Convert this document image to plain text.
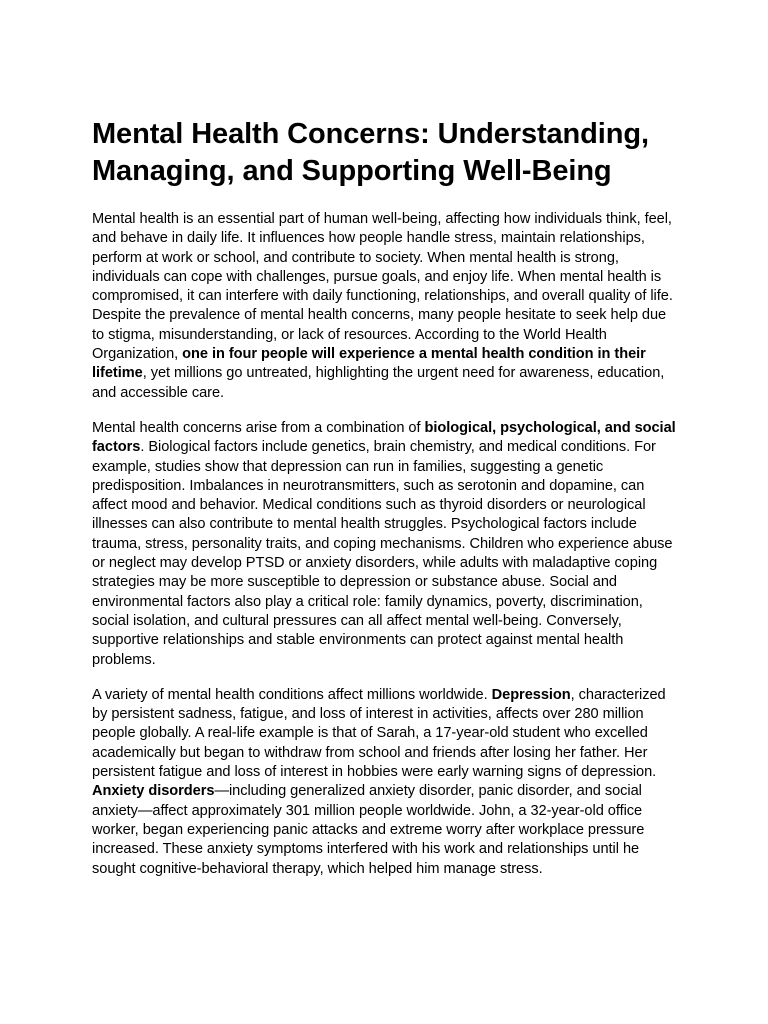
Mental Health Concerns: Understanding, Managing, and Supporting Well-Being

Mental health is an essential part of human well-being, affecting how individuals think, feel, and behave in daily life. It influences how people handle stress, maintain relationships, perform at work or school, and contribute to society. When mental health is strong, individuals can cope with challenges, pursue goals, and enjoy life. When mental health is compromised, it can interfere with daily functioning, relationships, and overall quality of life. Despite the prevalence of mental health concerns, many people hesitate to seek help due to stigma, misunderstanding, or lack of resources. According to the World Health Organization, one in four people will experience a mental health condition in their lifetime, yet millions go untreated, highlighting the urgent need for awareness, education, and accessible care.

Mental health concerns arise from a combination of biological, psychological, and social factors. Biological factors include genetics, brain chemistry, and medical conditions. For example, studies show that depression can run in families, suggesting a genetic predisposition. Imbalances in neurotransmitters, such as serotonin and dopamine, can affect mood and behavior. Medical conditions such as thyroid disorders or neurological illnesses can also contribute to mental health struggles. Psychological factors include trauma, stress, personality traits, and coping mechanisms. Children who experience abuse or neglect may develop PTSD or anxiety disorders, while adults with maladaptive coping strategies may be more susceptible to depression or substance abuse. Social and environmental factors also play a critical role: family dynamics, poverty, discrimination, social isolation, and cultural pressures can all affect mental well-being. Conversely, supportive relationships and stable environments can protect against mental health problems.

A variety of mental health conditions affect millions worldwide. Depression, characterized by persistent sadness, fatigue, and loss of interest in activities, affects over 280 million people globally. A real-life example is that of Sarah, a 17-year-old student who excelled academically but began to withdraw from school and friends after losing her father. Her persistent fatigue and loss of interest in hobbies were early warning signs of depression. Anxiety disorders—including generalized anxiety disorder, panic disorder, and social anxiety—affect approximately 301 million people worldwide. John, a 32-year-old office worker, began experiencing panic attacks and extreme worry after workplace pressure increased. These anxiety symptoms interfered with his work and relationships until he sought cognitive-behavioral therapy, which helped him manage stress.
